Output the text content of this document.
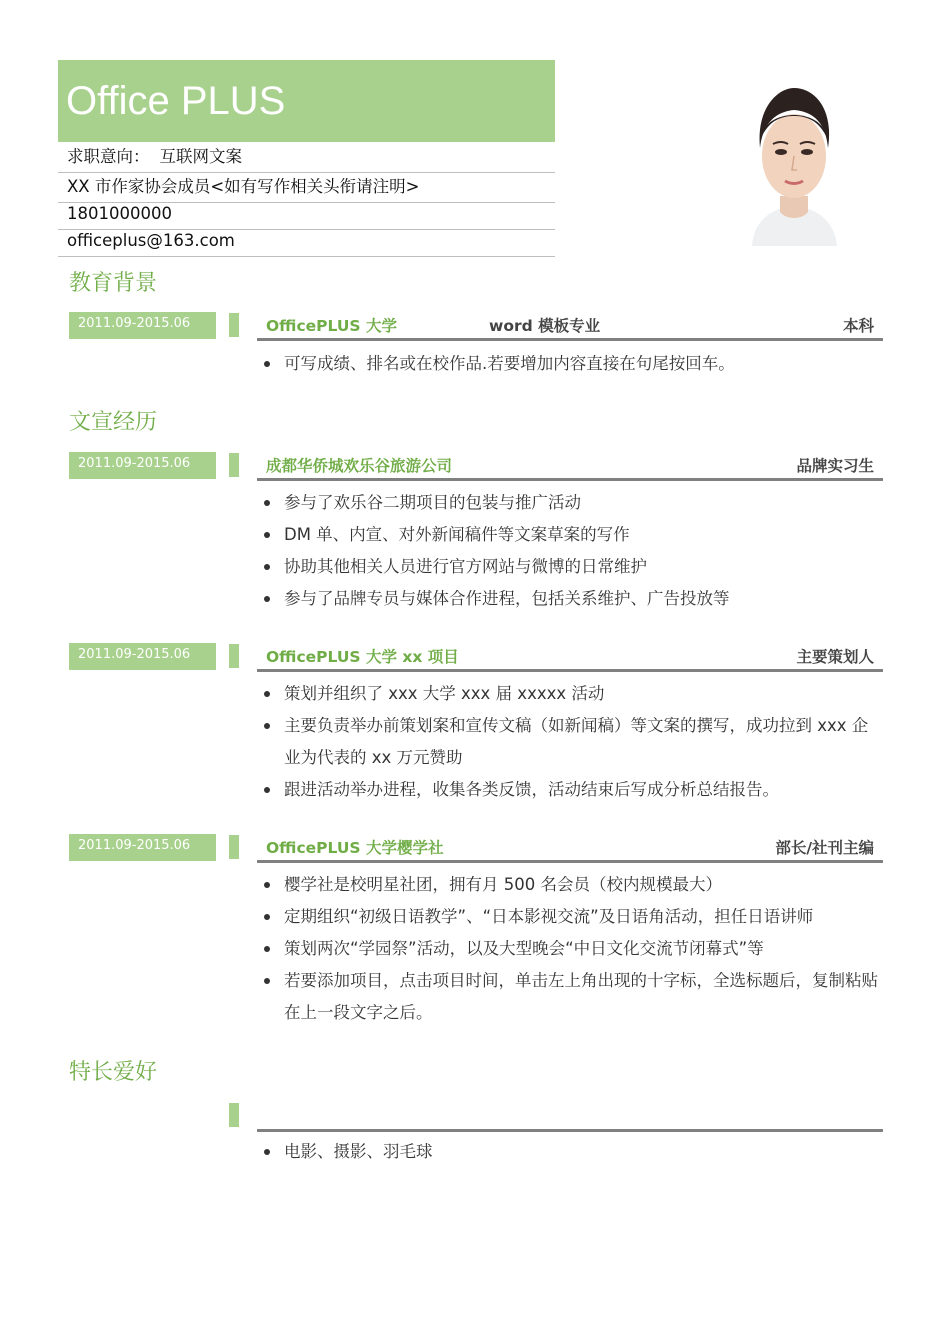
Office PLUS
求职意向： 互联网文案
XX 市作家协会成员<如有写作相关头衔请注明>
1801000000
officeplus@163.com
教育背景
2011.09-2015.06	OfficePLUS 大学	word 模板专业	本科
可写成绩、排名或在校作品.若要增加内容直接在句尾按回车。
文宣经历
2011.09-2015.06	成都华侨城欢乐谷旅游公司	品牌实习生
参与了欢乐谷二期项目的包装与推广活动
DM 单、内宣、对外新闻稿件等文案草案的写作
协助其他相关人员进行官方网站与微博的日常维护
参与了品牌专员与媒体合作进程，包括关系维护、广告投放等
2011.09-2015.06	OfficePLUS 大学 xx 项目	主要策划人
策划并组织了 xxx 大学 xxx 届 xxxxx 活动
主要负责举办前策划案和宣传文稿（如新闻稿）等文案的撰写，成功拉到 xxx 企业为代表的 xx 万元赞助
跟进活动举办进程，收集各类反馈，活动结束后写成分析总结报告。
2011.09-2015.06	OfficePLUS 大学樱学社	部长/社刊主编
樱学社是校明星社团，拥有月 500 名会员（校内规模最大）
定期组织“初级日语教学”、“日本影视交流”及日语角活动，担任日语讲师
策划两次“学园祭”活动，以及大型晚会“中日文化交流节闭幕式”等
若要添加项目，点击项目时间，单击左上角出现的十字标，全选标题后，复制粘贴在上一段文字之后。
特长爱好
电影、摄影、羽毛球
